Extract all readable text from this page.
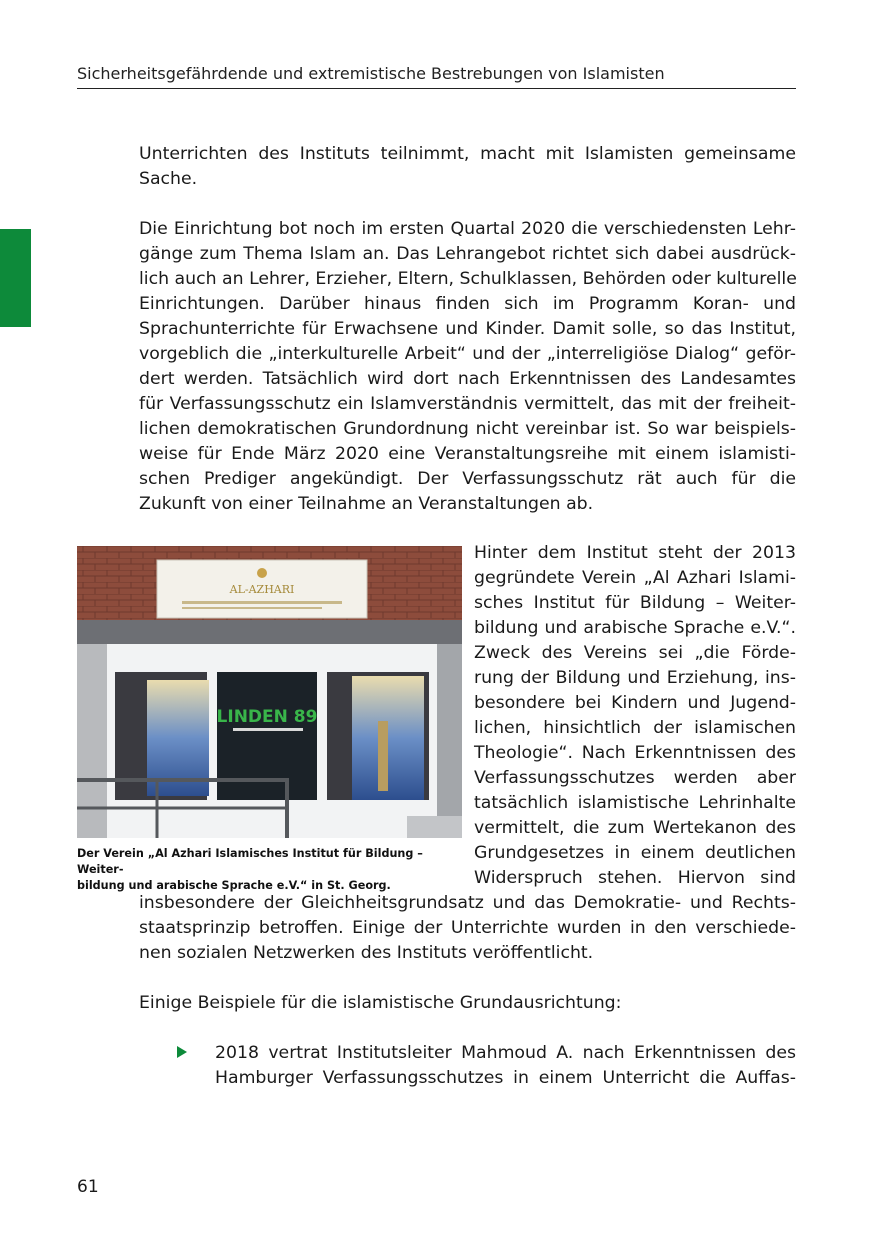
Sicherheitsgefährdende und extremistische Bestrebungen von Islamisten
Unterrichten des Instituts teilnimmt, macht mit Islamisten gemeinsame
Sache.
Die Einrichtung bot noch im ersten Quartal 2020 die verschiedensten Lehr-
gänge zum Thema Islam an. Das Lehrangebot richtet sich dabei ausdrück-
lich auch an Lehrer, Erzieher, Eltern, Schulklassen, Behörden oder kulturelle
Einrichtungen. Darüber hinaus finden sich im Programm Koran- und
Sprachunterrichte für Erwachsene und Kinder. Damit solle, so das Institut,
vorgeblich die „interkulturelle Arbeit“ und der „interreligiöse Dialog“ geför-
dert werden. Tatsächlich wird dort nach Erkenntnissen des Landesamtes
für Verfassungsschutz ein Islamverständnis vermittelt, das mit der freiheit-
lichen demokratischen Grundordnung nicht vereinbar ist. So war beispiels-
weise für Ende März 2020 eine Veranstaltungsreihe mit einem islamisti-
schen Prediger angekündigt. Der Verfassungsschutz rät auch für die
Zukunft von einer Teilnahme an Veranstaltungen ab.
AL-AZHARI
LINDEN 89
Der Verein „Al Azhari Islamisches Institut für Bildung – Weiter-
bildung und arabische Sprache e.V.“ in St. Georg.
Hinter dem Institut steht der 2013
gegründete Verein „Al Azhari Islami-
sches Institut für Bildung – Weiter-
bildung und arabische Sprache e.V.“.
Zweck des Vereins sei „die Förde-
rung der Bildung und Erziehung, ins-
besondere bei Kindern und Jugend-
lichen, hinsichtlich der islamischen
Theologie“. Nach Erkenntnissen des
Verfassungsschutzes werden aber
tatsächlich islamistische Lehrinhalte
vermittelt, die zum Wertekanon des
Grundgesetzes in einem deutlichen
Widerspruch stehen. Hiervon sind
insbesondere der Gleichheitsgrundsatz und das Demokratie- und Rechts-
staatsprinzip betroffen. Einige der Unterrichte wurden in den verschiede-
nen sozialen Netzwerken des Instituts veröffentlicht.
Einige Beispiele für die islamistische Grundausrichtung:
2018 vertrat Institutsleiter Mahmoud A. nach Erkenntnissen des
Hamburger Verfassungsschutzes in einem Unterricht die Auffas-
61
